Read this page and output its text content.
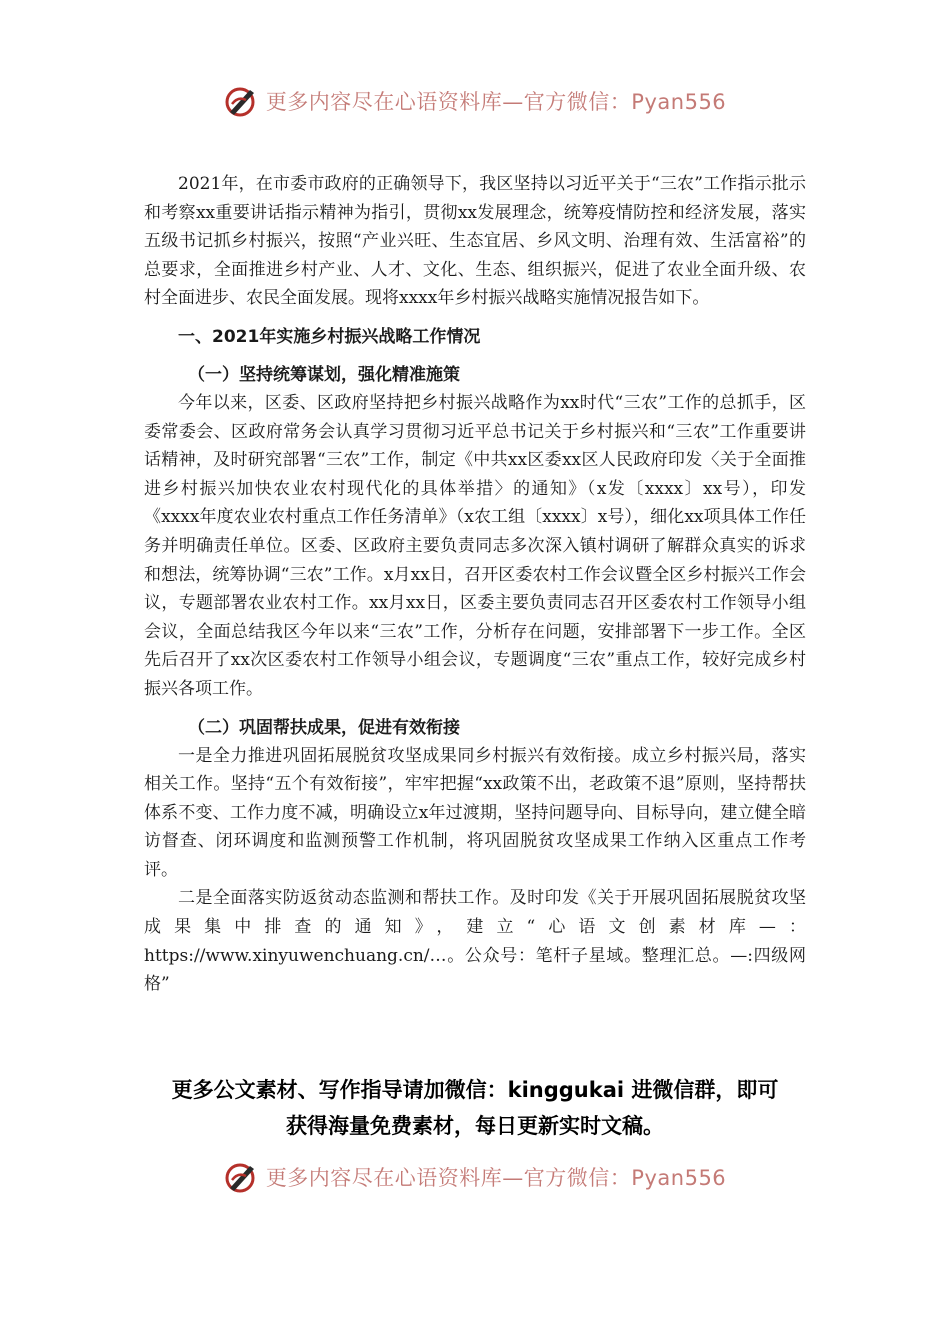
更多内容尽在心语资料库—官方微信：Pyan556

2021年，在市委市政府的正确领导下，我区坚持以习近平关于“三农”工作指示批示和考察xx重要讲话指示精神为指引，贯彻xx发展理念，统筹疫情防控和经济发展，落实五级书记抓乡村振兴，按照“产业兴旺、生态宜居、乡风文明、治理有效、生活富裕”的总要求，全面推进乡村产业、人才、文化、生态、组织振兴，促进了农业全面升级、农村全面进步、农民全面发展。现将xxxx年乡村振兴战略实施情况报告如下。

一、2021年实施乡村振兴战略工作情况
（一）坚持统筹谋划，强化精准施策

今年以来，区委、区政府坚持把乡村振兴战略作为xx时代“三农”工作的总抓手，区委常委会、区政府常务会认真学习贯彻习近平总书记关于乡村振兴和“三农”工作重要讲话精神，及时研究部署“三农”工作，制定《中共xx区委xx区人民政府印发〈关于全面推进乡村振兴加快农业农村现代化的具体举措〉的通知》（x发〔xxxx〕xx号），印发《xxxx年度农业农村重点工作任务清单》（x农工组〔xxxx〕x号），细化xx项具体工作任务并明确责任单位。区委、区政府主要负责同志多次深入镇村调研了解群众真实的诉求和想法，统筹协调“三农”工作。x月xx日，召开区委农村工作会议暨全区乡村振兴工作会议，专题部署农业农村工作。xx月xx日，区委主要负责同志召开区委农村工作领导小组会议，全面总结我区今年以来“三农”工作，分析存在问题，安排部署下一步工作。全区先后召开了xx次区委农村工作领导小组会议，专题调度“三农”重点工作，较好完成乡村振兴各项工作。

（二）巩固帮扶成果，促进有效衔接

一是全力推进巩固拓展脱贫攻坚成果同乡村振兴有效衔接。成立乡村振兴局，落实相关工作。坚持“五个有效衔接”，牢牢把握“xx政策不出，老政策不退”原则，坚持帮扶体系不变、工作力度不减，明确设立x年过渡期，坚持问题导向、目标导向，建立健全暗访督查、闭环调度和监测预警工作机制，将巩固脱贫攻坚成果工作纳入区重点工作考评。

二是全面落实防返贫动态监测和帮扶工作。及时印发《关于开展巩固拓展脱贫攻坚成果集中排查的通知》，建立“心语文创素材库—：https://www.xinyuwenchuang.cn/…。公众号：笔杆子星域。整理汇总。—:四级网格”

更多公文素材、写作指导请加微信：kinggukai 进微信群，即可
获得海量免费素材，每日更新实时文稿。
更多内容尽在心语资料库—官方微信：Pyan556
